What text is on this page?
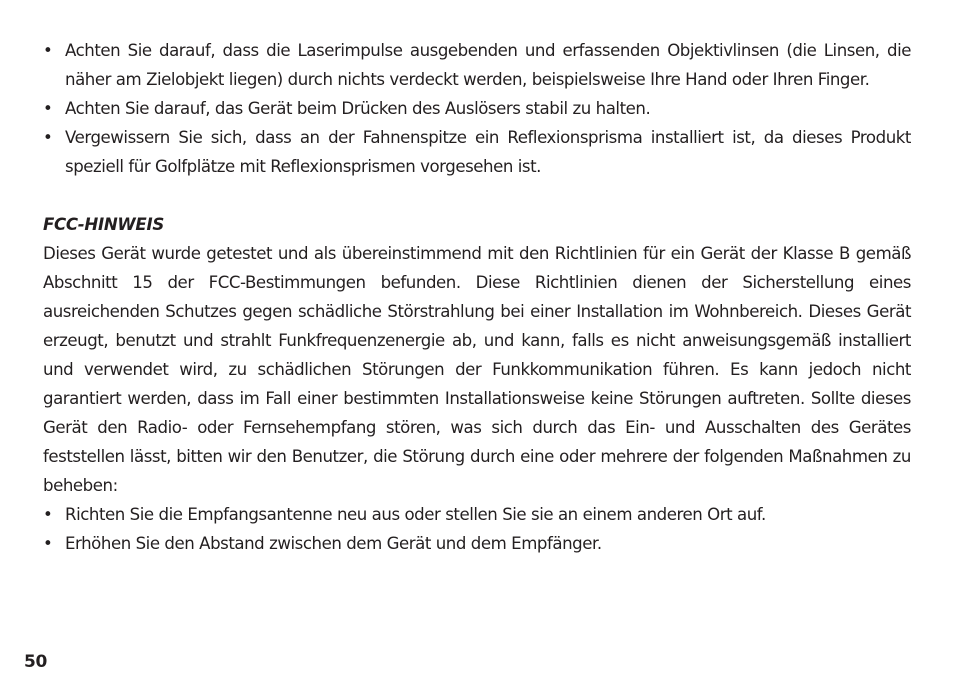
• Achten Sie darauf, dass die Laserimpulse ausgebenden und erfassenden Objektivlinsen (die Linsen, die näher am Zielobjekt liegen) durch nichts verdeckt werden, beispielsweise Ihre Hand oder Ihren Finger.
• Achten Sie darauf, das Gerät beim Drücken des Auslösers stabil zu halten.
• Vergewissern Sie sich, dass an der Fahnenspitze ein Reflexionsprisma installiert ist, da dieses Produkt speziell für Golfplätze mit Reflexionsprismen vorgesehen ist.
FCC-HINWEIS

Dieses Gerät wurde getestet und als übereinstimmend mit den Richtlinien für ein Gerät der Klasse B gemäß Abschnitt 15 der FCC-Bestimmungen befunden. Diese Richtlinien dienen der Sicherstellung eines ausreichenden Schutzes gegen schädliche Störstrahlung bei einer Installation im Wohnbereich. Dieses Gerät erzeugt, benutzt und strahlt Funkfrequenzenergie ab, und kann, falls es nicht anweisungsgemäß installiert und verwendet wird, zu schädlichen Störungen der Funkkommunikation führen. Es kann jedoch nicht garantiert werden, dass im Fall einer bestimmten Installationsweise keine Störungen auftreten. Sollte dieses Gerät den Radio- oder Fernsehempfang stören, was sich durch das Ein- und Ausschalten des Gerätes feststellen lässt, bitten wir den Benutzer, die Störung durch eine oder mehrere der folgenden Maßnahmen zu beheben:

• Richten Sie die Empfangsantenne neu aus oder stellen Sie sie an einem anderen Ort auf.
• Erhöhen Sie den Abstand zwischen dem Gerät und dem Empfänger.
50
